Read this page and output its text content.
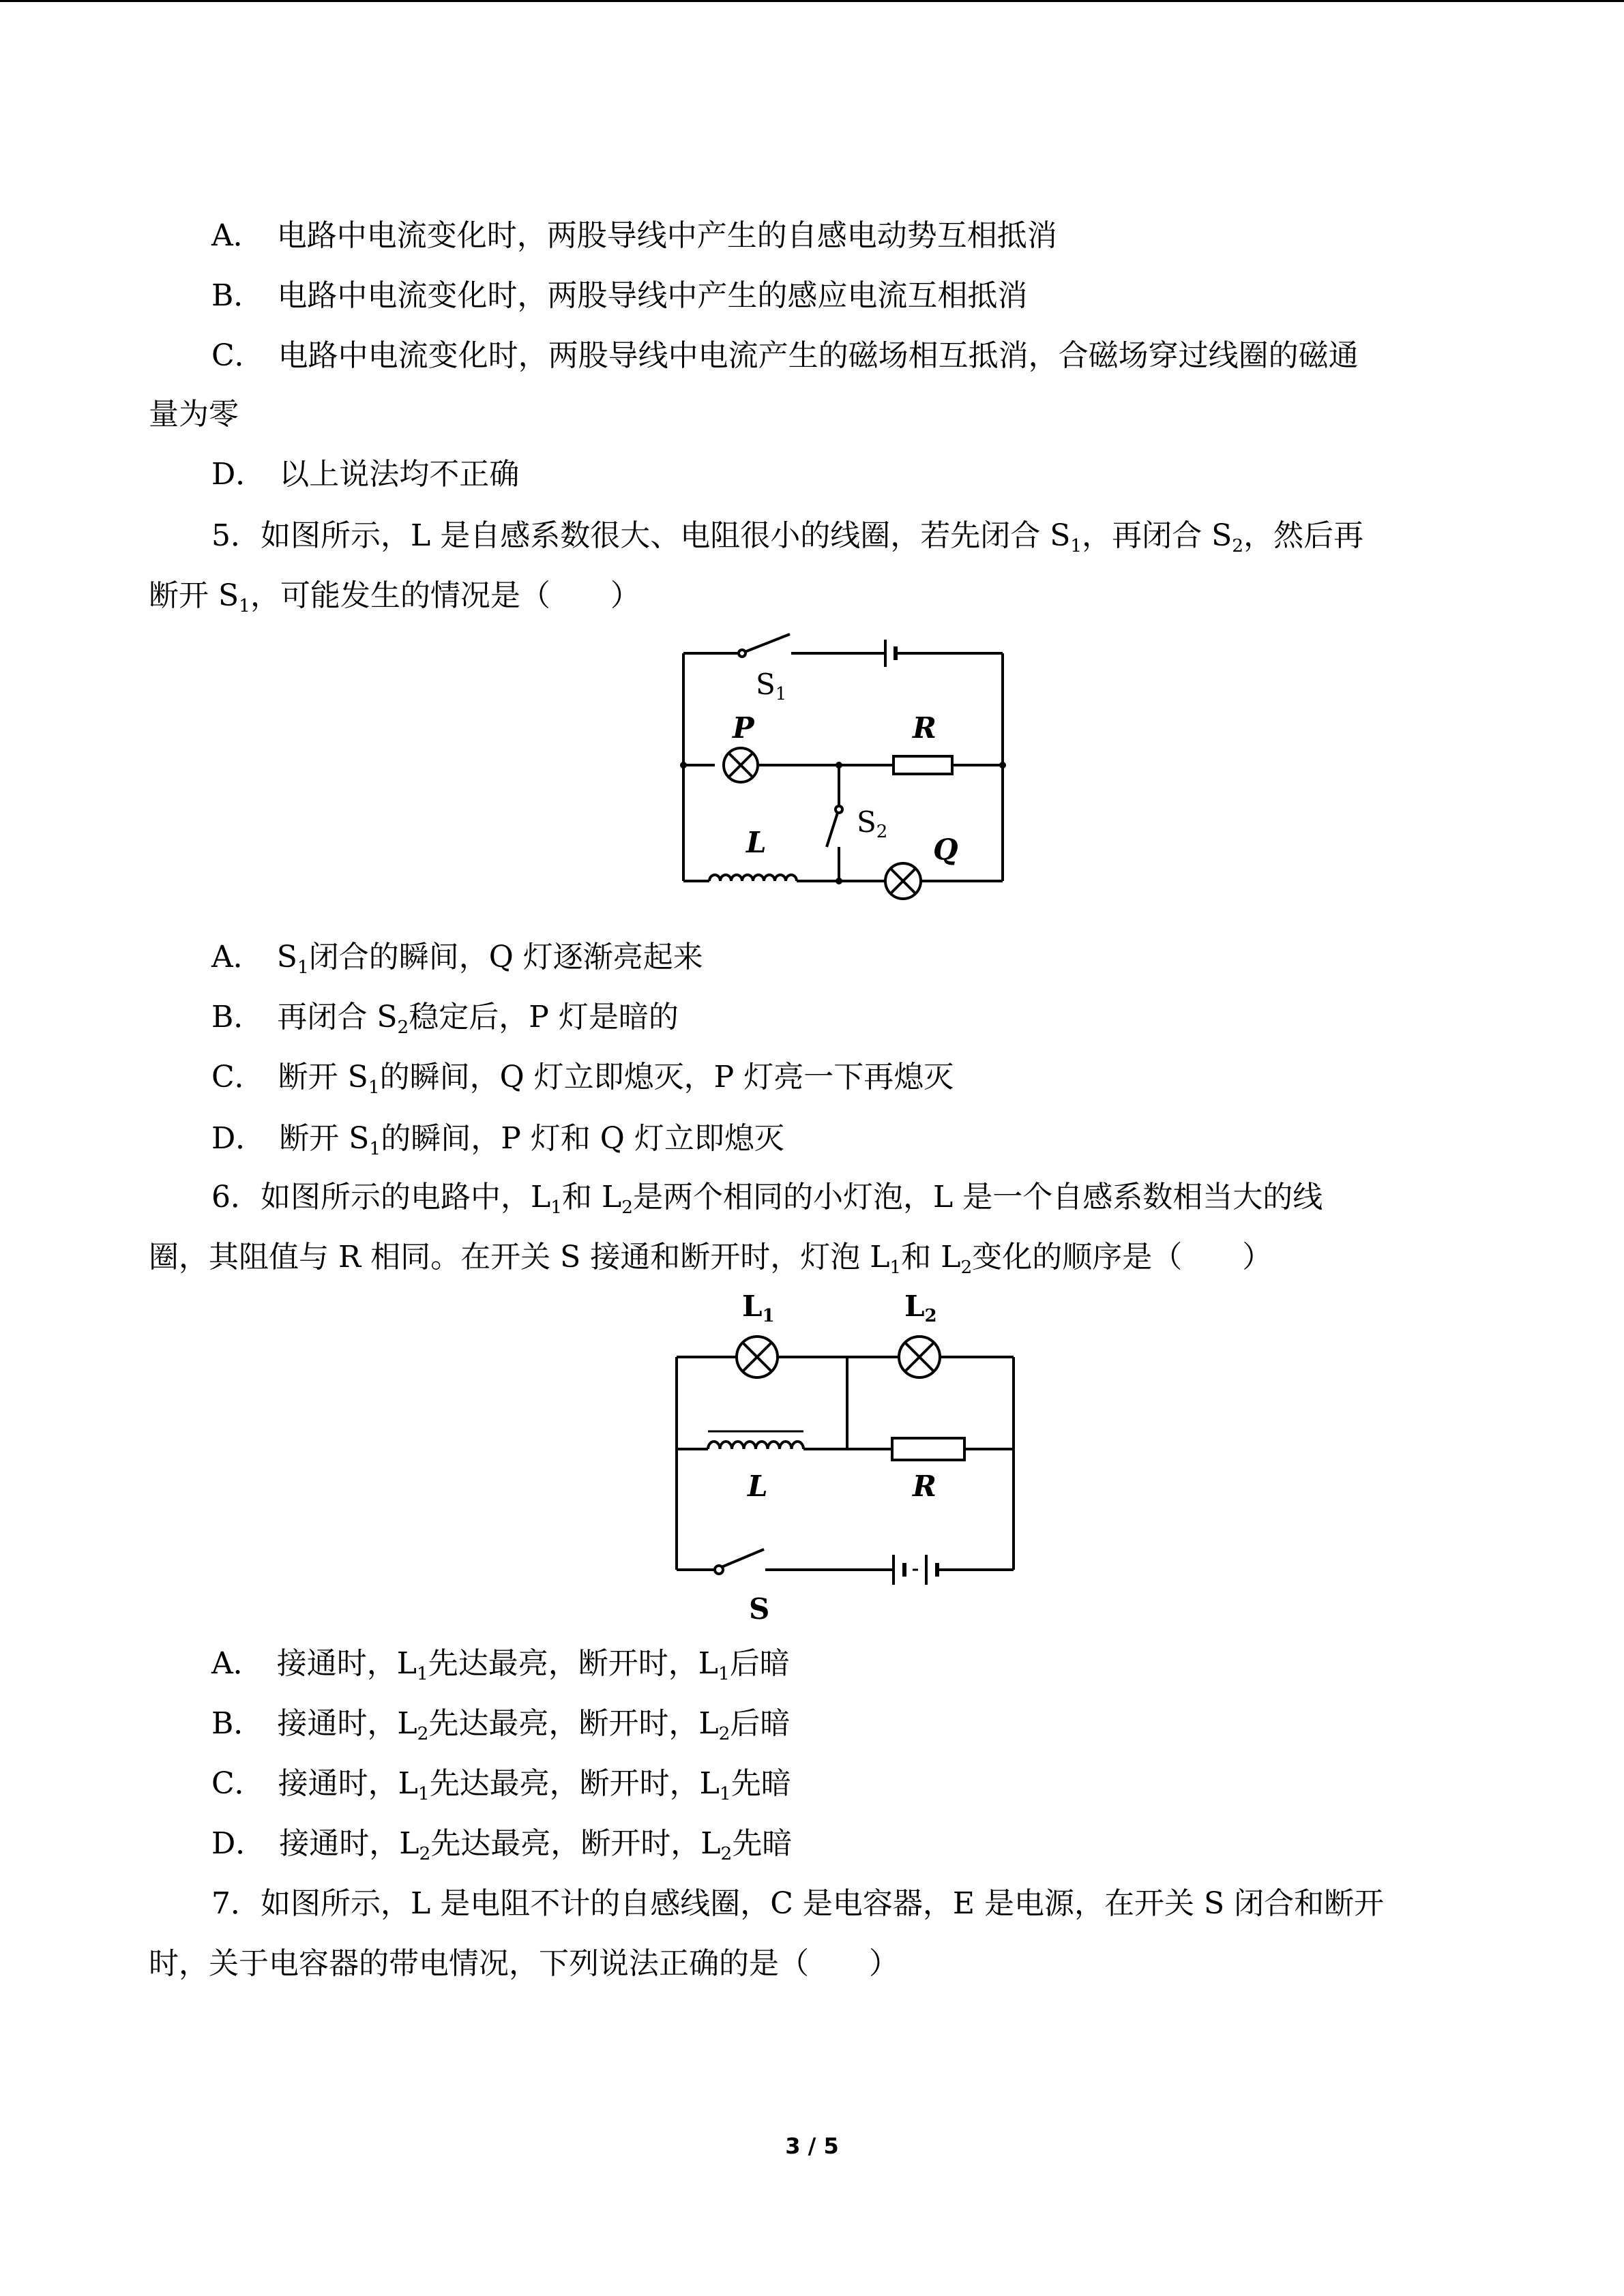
A． 电路中电流变化时，两股导线中产生的自感电动势互相抵消
B． 电路中电流变化时，两股导线中产生的感应电流互相抵消
C． 电路中电流变化时，两股导线中电流产生的磁场相互抵消，合磁场穿过线圈的磁通
量为零
D． 以上说法均不正确
5．如图所示，L 是自感系数很大、电阻很小的线圈，若先闭合 $S_1$，再闭合 $S_2$，然后再
断开 $S_1$，可能发生的情况是（　　）
S1
P	R
S2
L	Q
A． $S_1$闭合的瞬间，Q 灯逐渐亮起来
B． 再闭合 $S_2$稳定后，P 灯是暗的
C． 断开 $S_1$的瞬间，Q 灯立即熄灭，P 灯亮一下再熄灭
D． 断开 $S_1$的瞬间，P 灯和 Q 灯立即熄灭
6．如图所示的电路中，$L_1$和 $L_2$是两个相同的小灯泡，L 是一个自感系数相当大的线
圈，其阻值与 R 相同。在开关 S 接通和断开时，灯泡 $L_1$和 $L_2$变化的顺序是（　　）
L1	L2
L	R
S
A． 接通时，$L_1$先达最亮，断开时，$L_1$后暗
B． 接通时，$L_2$先达最亮，断开时，$L_2$后暗
C． 接通时，$L_1$先达最亮，断开时，$L_1$先暗
D． 接通时，$L_2$先达最亮，断开时，$L_2$先暗
7．如图所示，L 是电阻不计的自感线圈，C 是电容器，E 是电源，在开关 S 闭合和断开
时，关于电容器的带电情况，下列说法正确的是（　　）
3 / 5
